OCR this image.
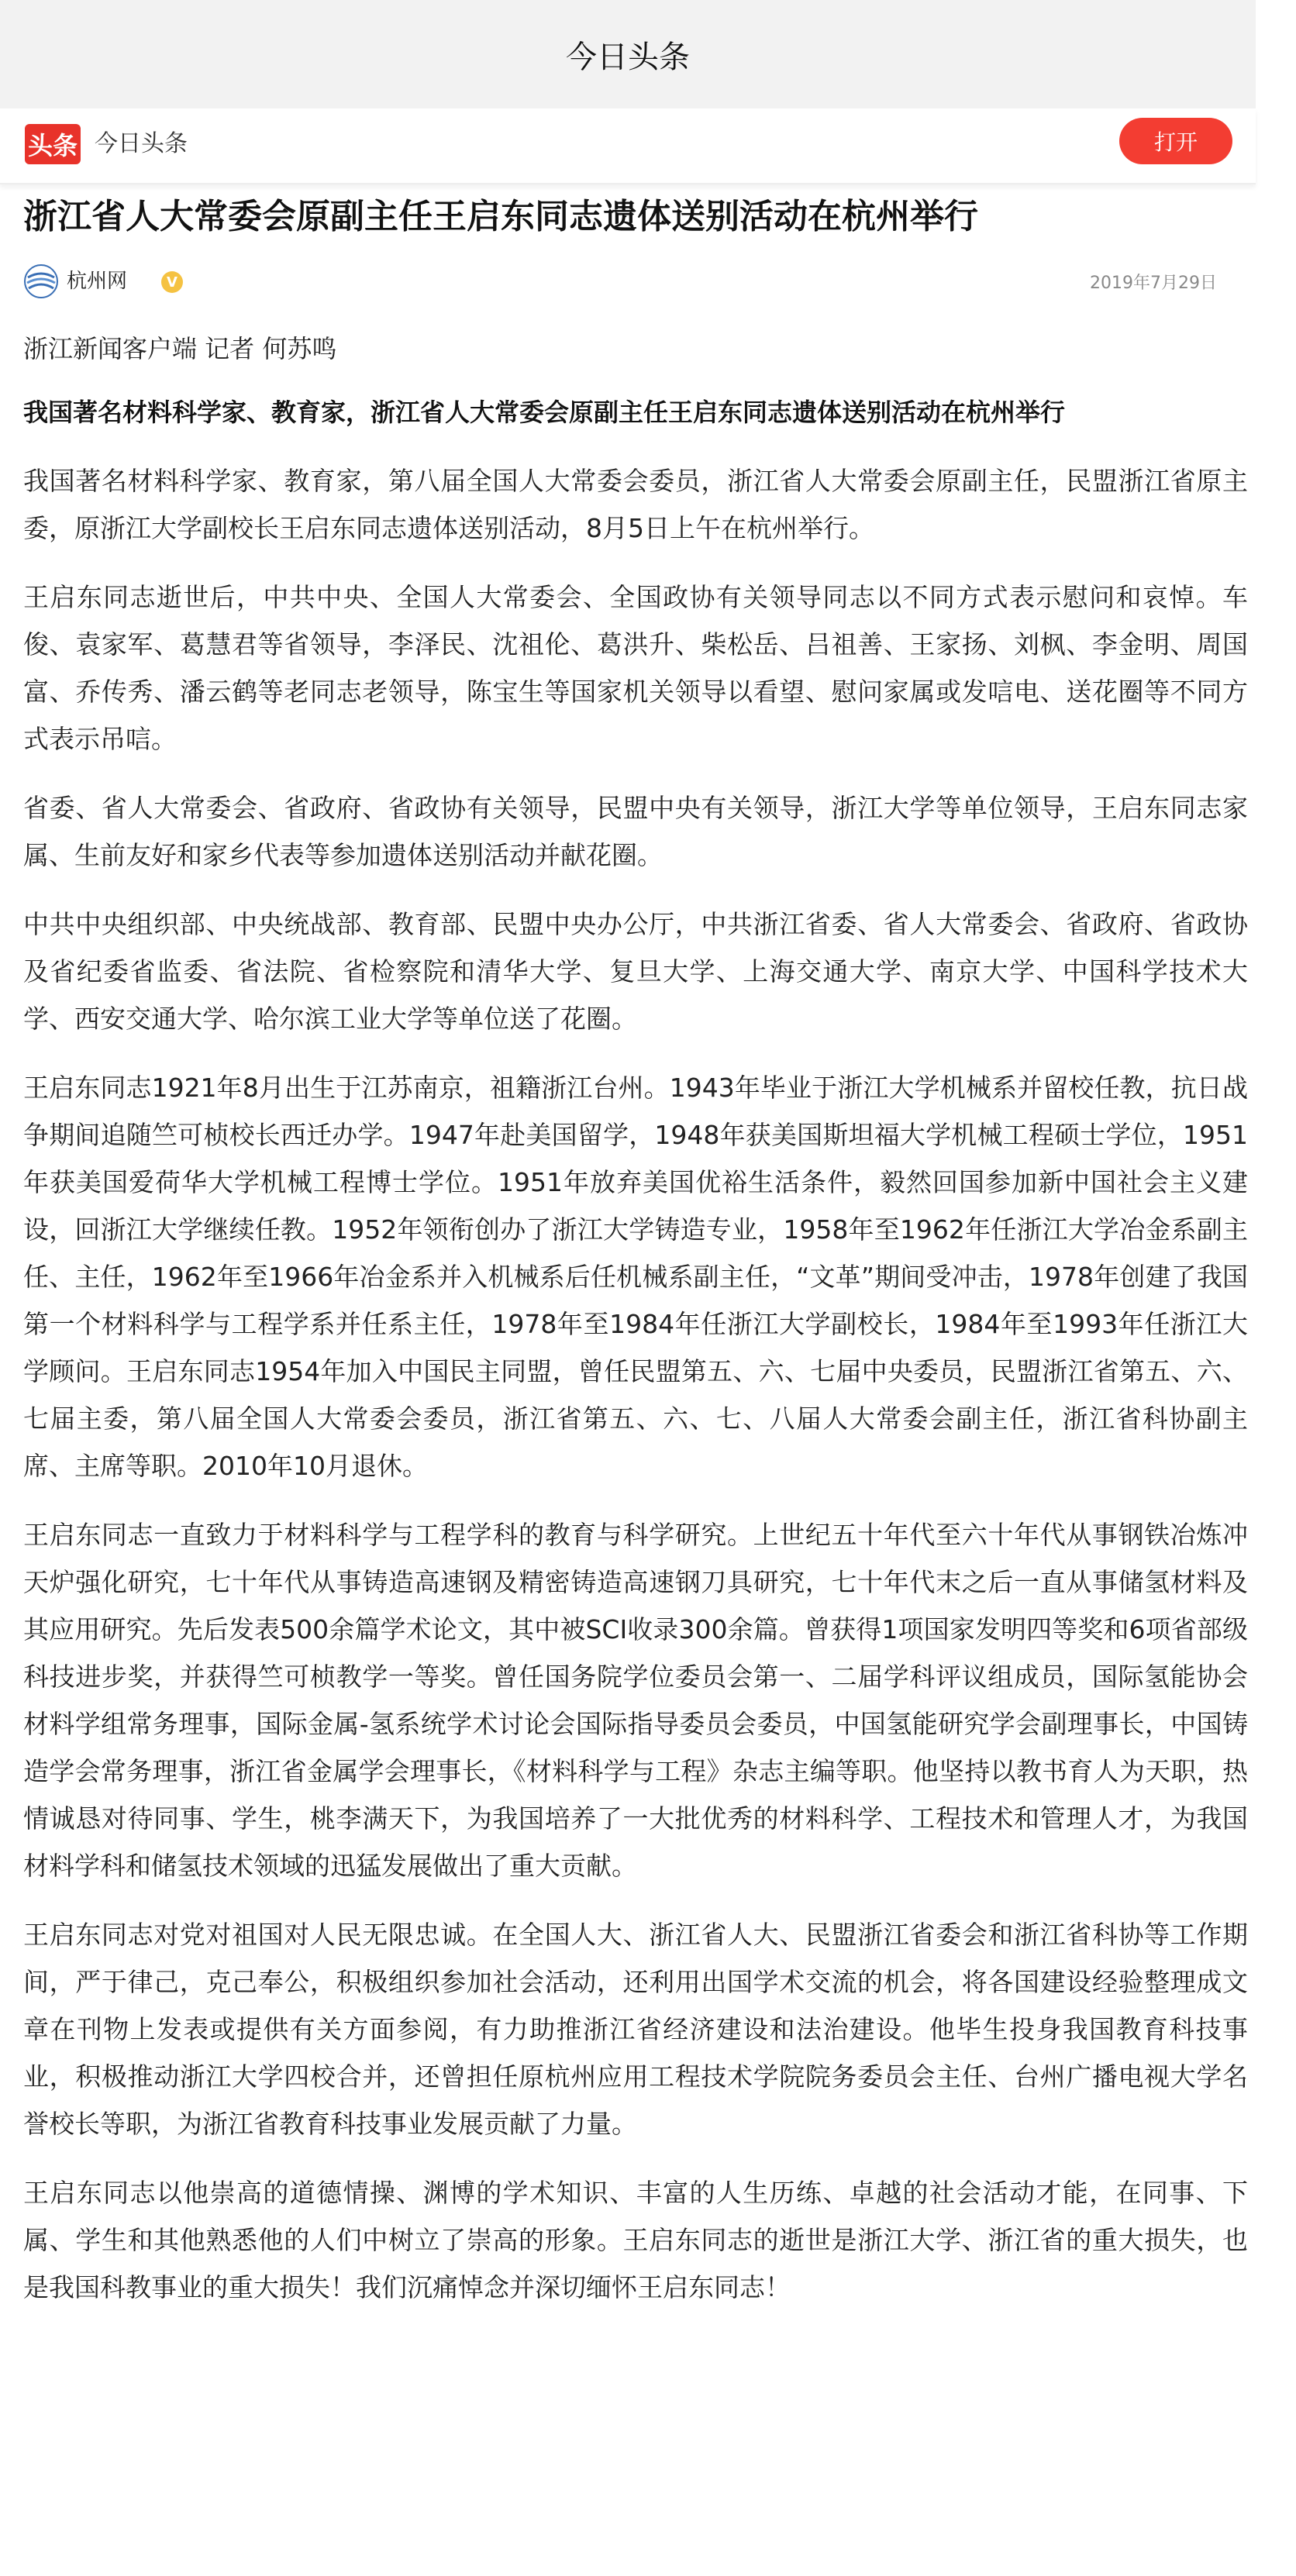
今日头条
头条 今日头条	打开
浙江省人大常委会原副主任王启东同志遗体送别活动在杭州举行
杭州网	V	2019年7月29日
浙江新闻客户端 记者 何苏鸣
我国著名材料科学家、教育家，浙江省人大常委会原副主任王启东同志遗体送别活动在杭州举行

我国著名材料科学家、教育家，第八届全国人大常委会委员，浙江省人大常委会原副主任，民盟浙江省原主委，原浙江大学副校长王启东同志遗体送别活动，8月5日上午在杭州举行。

王启东同志逝世后，中共中央、全国人大常委会、全国政协有关领导同志以不同方式表示慰问和哀悼。车俊、袁家军、葛慧君等省领导，李泽民、沈祖伦、葛洪升、柴松岳、吕祖善、王家扬、刘枫、李金明、周国富、乔传秀、潘云鹤等老同志老领导，陈宝生等国家机关领导以看望、慰问家属或发唁电、送花圈等不同方式表示吊唁。

省委、省人大常委会、省政府、省政协有关领导，民盟中央有关领导，浙江大学等单位领导，王启东同志家属、生前友好和家乡代表等参加遗体送别活动并献花圈。

中共中央组织部、中央统战部、教育部、民盟中央办公厅，中共浙江省委、省人大常委会、省政府、省政协及省纪委省监委、省法院、省检察院和清华大学、复旦大学、上海交通大学、南京大学、中国科学技术大学、西安交通大学、哈尔滨工业大学等单位送了花圈。

王启东同志1921年8月出生于江苏南京，祖籍浙江台州。1943年毕业于浙江大学机械系并留校任教，抗日战争期间追随竺可桢校长西迁办学。1947年赴美国留学，1948年获美国斯坦福大学机械工程硕士学位，1951年获美国爱荷华大学机械工程博士学位。1951年放弃美国优裕生活条件，毅然回国参加新中国社会主义建设，回浙江大学继续任教。1952年领衔创办了浙江大学铸造专业，1958年至1962年任浙江大学冶金系副主任、主任，1962年至1966年冶金系并入机械系后任机械系副主任，“文革”期间受冲击，1978年创建了我国第一个材料科学与工程学系并任系主任，1978年至1984年任浙江大学副校长，1984年至1993年任浙江大学顾问。王启东同志1954年加入中国民主同盟，曾任民盟第五、六、七届中央委员，民盟浙江省第五、六、七届主委，第八届全国人大常委会委员，浙江省第五、六、七、八届人大常委会副主任，浙江省科协副主席、主席等职。2010年10月退休。

王启东同志一直致力于材料科学与工程学科的教育与科学研究。上世纪五十年代至六十年代从事钢铁冶炼冲天炉强化研究，七十年代从事铸造高速钢及精密铸造高速钢刀具研究，七十年代末之后一直从事储氢材料及其应用研究。先后发表500余篇学术论文，其中被SCI收录300余篇。曾获得1项国家发明四等奖和6项省部级科技进步奖，并获得竺可桢教学一等奖。曾任国务院学位委员会第一、二届学科评议组成员，国际氢能协会材料学组常务理事，国际金属-氢系统学术讨论会国际指导委员会委员，中国氢能研究学会副理事长，中国铸造学会常务理事，浙江省金属学会理事长，《材料科学与工程》杂志主编等职。他坚持以教书育人为天职，热情诚恳对待同事、学生，桃李满天下，为我国培养了一大批优秀的材料科学、工程技术和管理人才，为我国材料学科和储氢技术领域的迅猛发展做出了重大贡献。

王启东同志对党对祖国对人民无限忠诚。在全国人大、浙江省人大、民盟浙江省委会和浙江省科协等工作期间，严于律己，克己奉公，积极组织参加社会活动，还利用出国学术交流的机会，将各国建设经验整理成文章在刊物上发表或提供有关方面参阅，有力助推浙江省经济建设和法治建设。他毕生投身我国教育科技事业，积极推动浙江大学四校合并，还曾担任原杭州应用工程技术学院院务委员会主任、台州广播电视大学名誉校长等职，为浙江省教育科技事业发展贡献了力量。

王启东同志以他崇高的道德情操、渊博的学术知识、丰富的人生历练、卓越的社会活动才能，在同事、下属、学生和其他熟悉他的人们中树立了崇高的形象。王启东同志的逝世是浙江大学、浙江省的重大损失，也是我国科教事业的重大损失！我们沉痛悼念并深切缅怀王启东同志！
